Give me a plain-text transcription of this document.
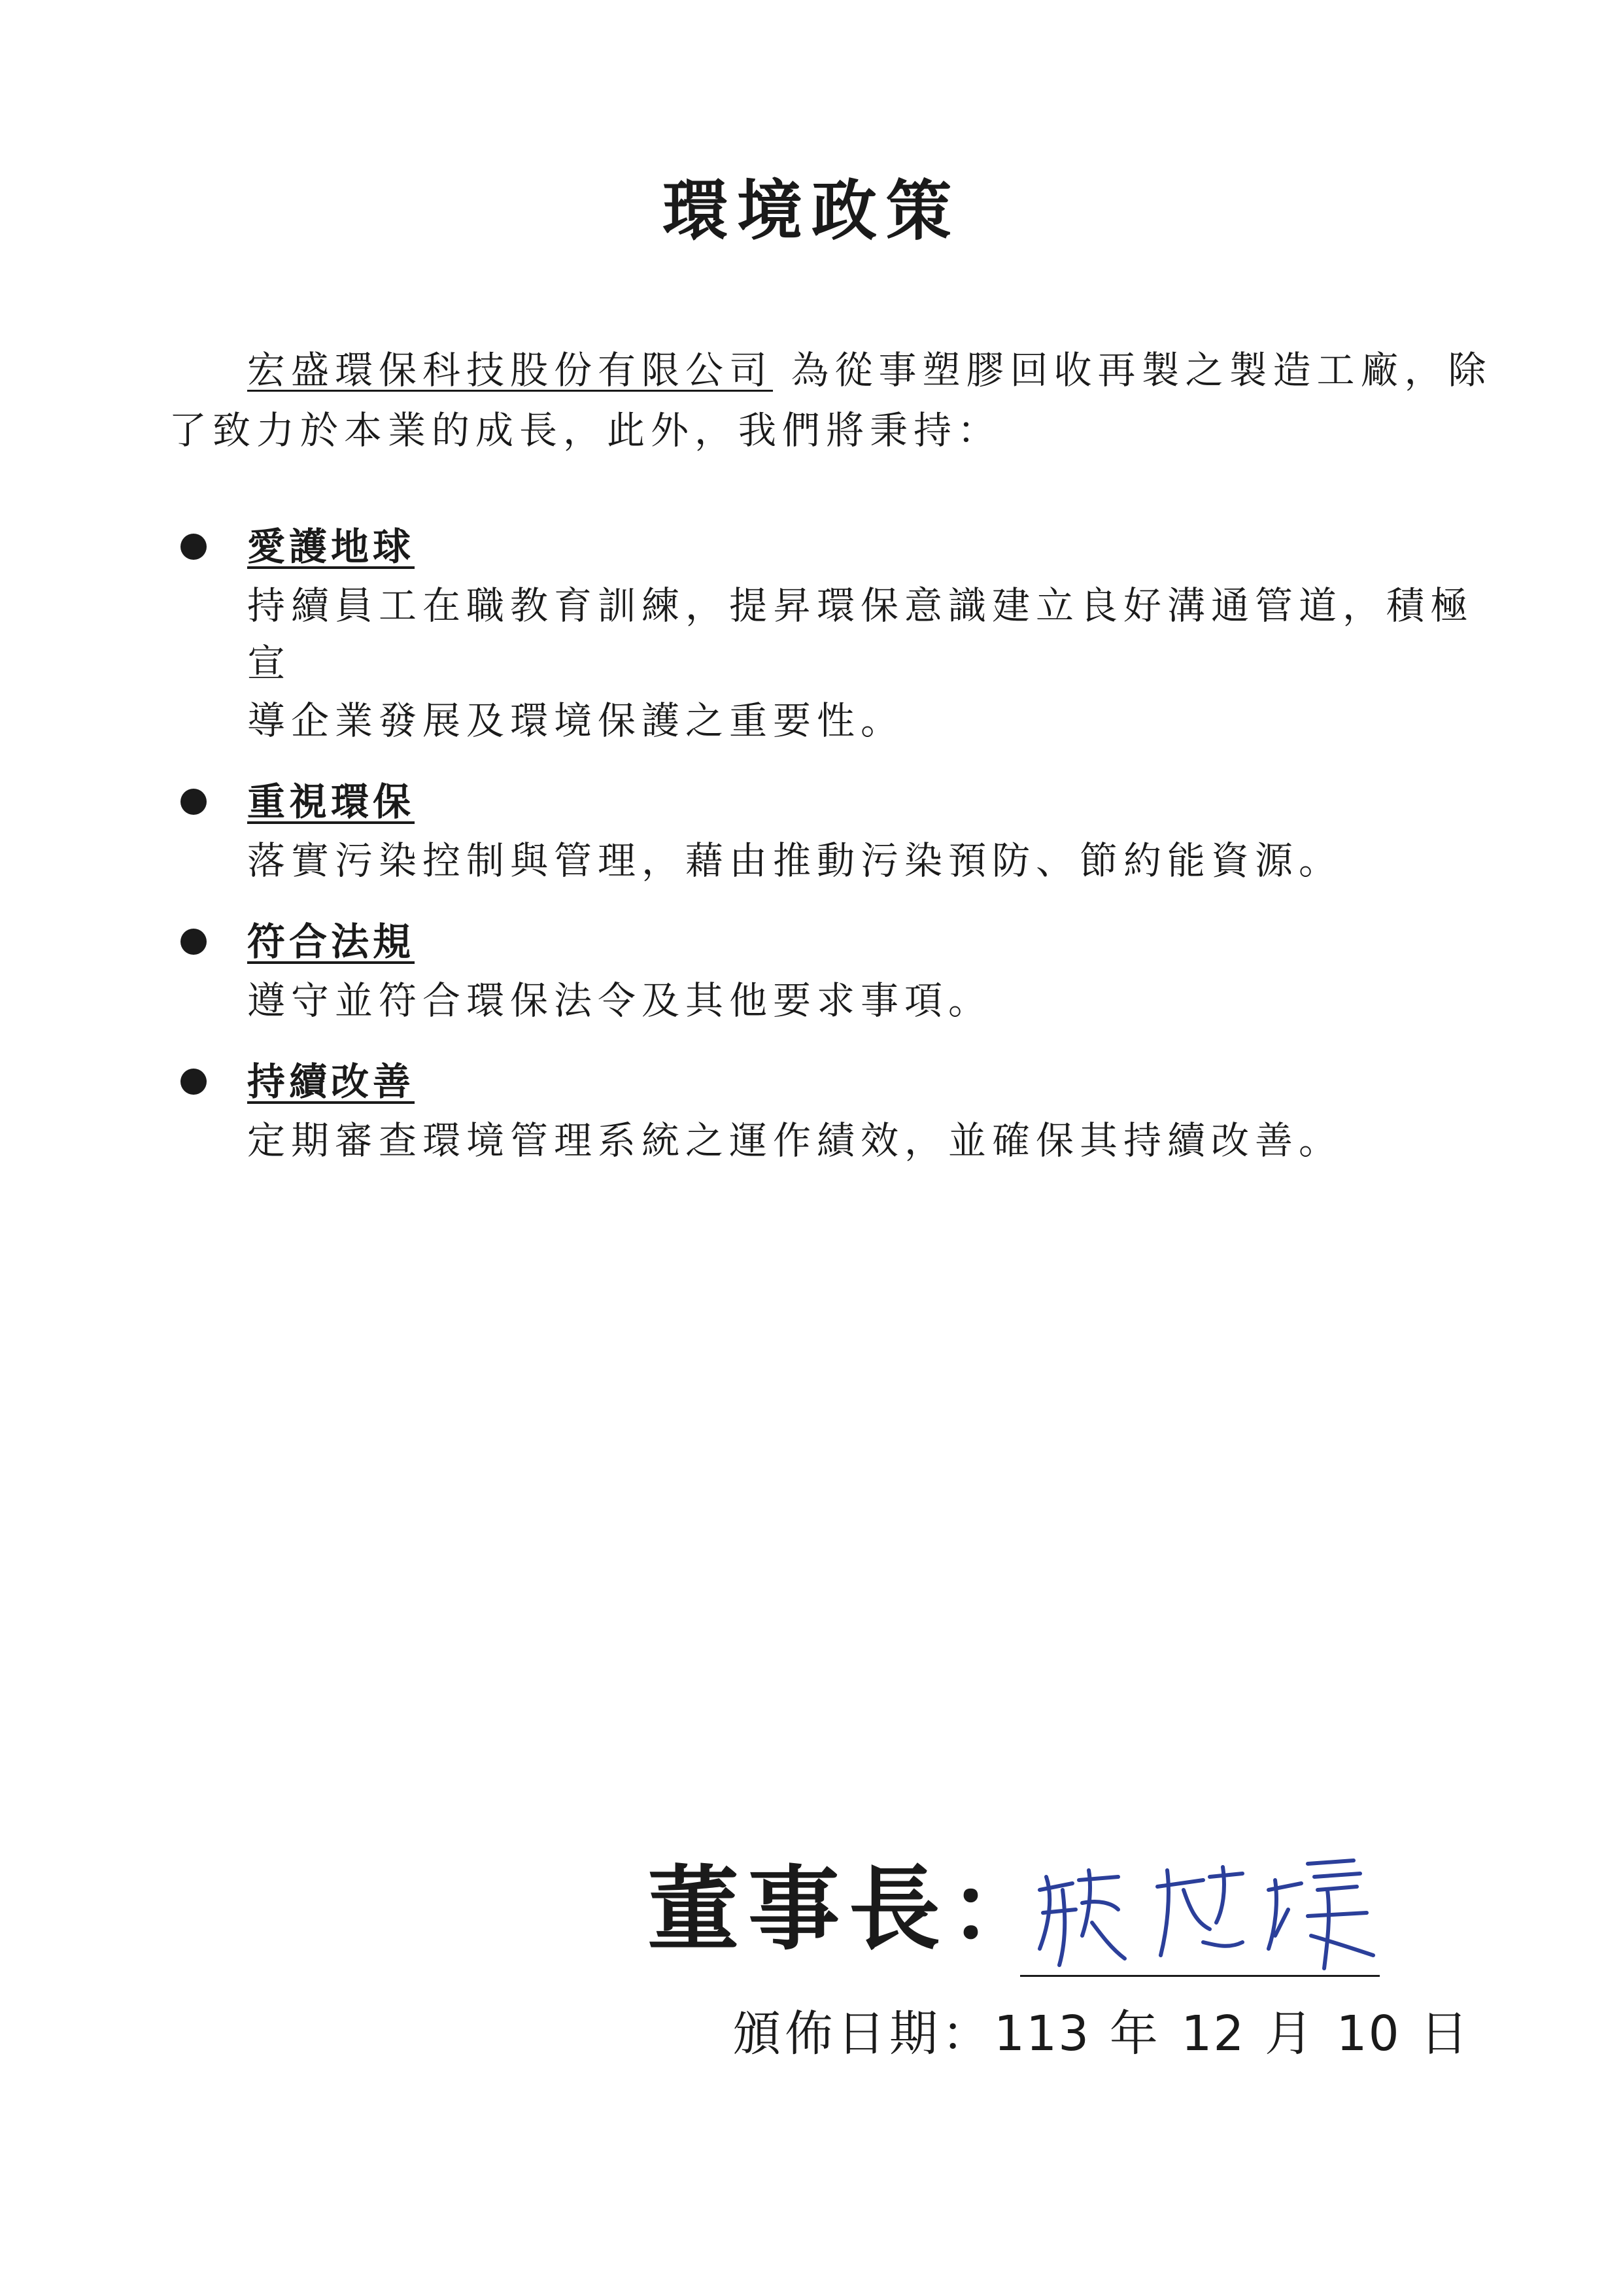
環境政策

宏盛環保科技股份有限公司 為從事塑膠回收再製之製造工廠，除
了致力於本業的成長，此外，我們將秉持：

愛護地球
持續員工在職教育訓練，提昇環保意識建立良好溝通管道，積極宣
導企業發展及環境保護之重要性。
重視環保
落實污染控制與管理，藉由推動污染預防、節約能資源。
符合法規
遵守並符合環保法令及其他要求事項。
持續改善
定期審查環境管理系統之運作績效，並確保其持續改善。
董事長：
頒佈日期：113 年 12 月 10 日
